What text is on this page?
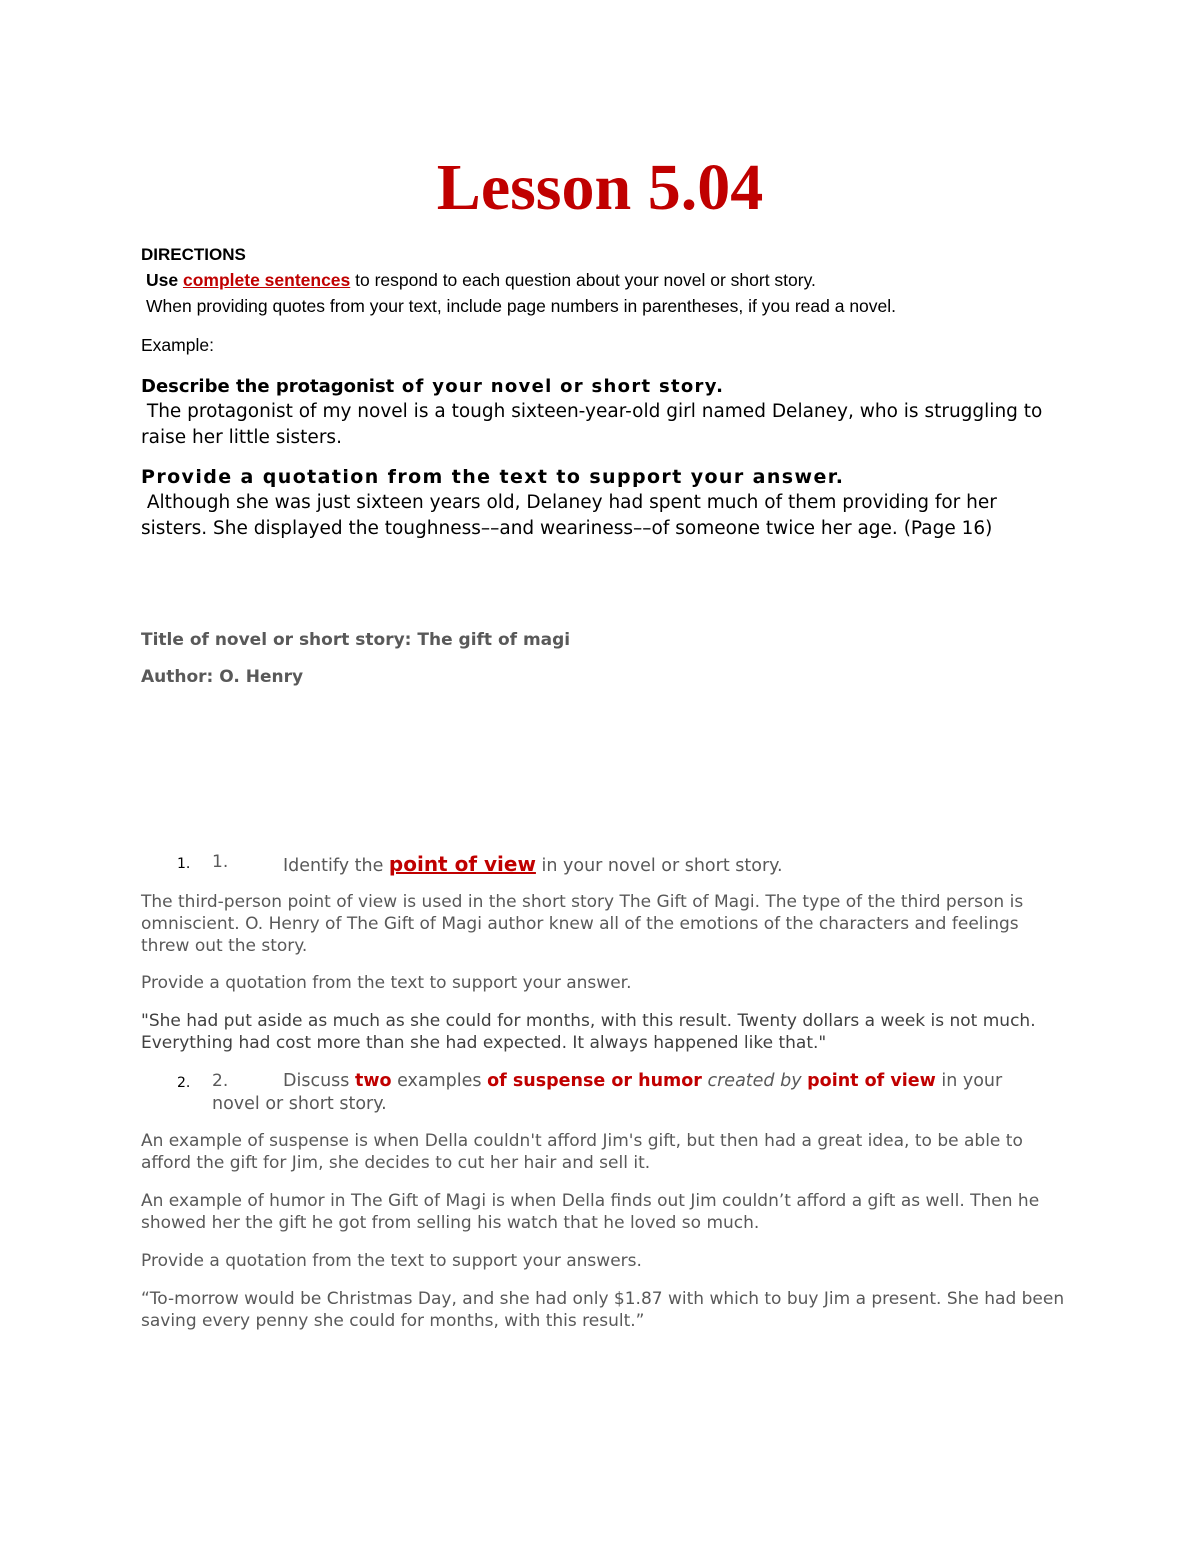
Lesson 5.04

DIRECTIONS

Use complete sentences to respond to each question about your novel or short story.

When providing quotes from your text, include page numbers in parentheses, if you read a novel.

Example:

Describe the protagonist of your novel or short story.

The protagonist of my novel is a tough sixteen-year-old girl named Delaney, who is struggling to raise her little sisters.

Provide a quotation from the text to support your answer.

Although she was just sixteen years old, Delaney had spent much of them providing for her sisters. She displayed the toughness––and weariness––of someone twice her age. (Page 16)

Title of novel or short story: The gift of magi

Author: O. Henry

1. 1.	Identify the point of view in your novel or short story.

The third-person point of view is used in the short story The Gift of Magi. The type of the third person is omniscient. O. Henry of The Gift of Magi author knew all of the emotions of the characters and feelings threw out the story.

Provide a quotation from the text to support your answer.

"She had put aside as much as she could for months, with this result. Twenty dollars a week is not much. Everything had cost more than she had expected. It always happened like that."

2. 2.	Discuss two examples of suspense or humor created by point of view in your

novel or short story.

An example of suspense is when Della couldn't afford Jim's gift, but then had a great idea, to be able to afford the gift for Jim, she decides to cut her hair and sell it.

An example of humor in The Gift of Magi is when Della finds out Jim couldn’t afford a gift as well. Then he showed her the gift he got from selling his watch that he loved so much.

Provide a quotation from the text to support your answers.

“To-morrow would be Christmas Day, and she had only $1.87 with which to buy Jim a present. She had been saving every penny she could for months, with this result.”
